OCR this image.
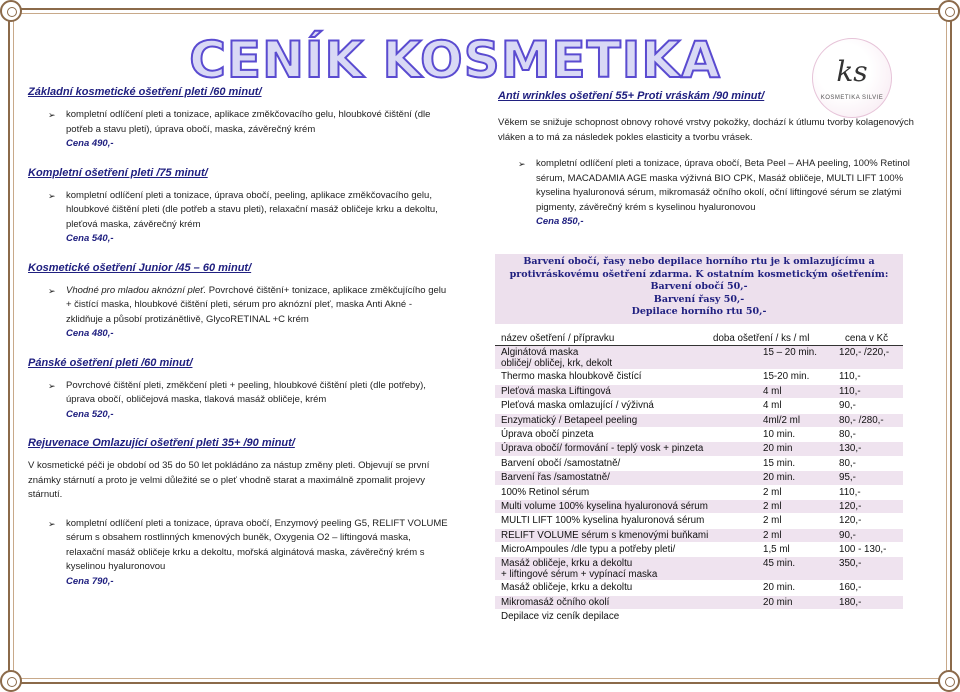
CENÍK KOSMETIKA	ks
KOSMETIKA SILVIE

Základní kosmetické ošetření pleti /60 minut/

➢ kompletní odlíčení pleti a tonizace, aplikace změkčovacího gelu, hloubkové čištění (dle potřeb a stavu pleti), úprava obočí, maska, závěrečný krém
Cena 490,-

Kompletní ošetření pleti /75 minut/

➢ kompletní odlíčení pleti a tonizace, úprava obočí, peeling, aplikace změkčovacího gelu, hloubkové čištění pleti (dle potřeb a stavu pleti), relaxační masáž obličeje krku a dekoltu, pleťová maska, závěrečný krém
Cena 540,-

Kosmetické ošetření Junior /45 – 60 minut/

➢ Vhodné pro mladou aknózní pleť. Povrchové čištění+ tonizace, aplikace změkčujícího gelu + čistící maska, hloubkové čištění pleti, sérum pro aknózní pleť, maska Anti Akné - zklidňuje a působí protizánětlivě, GlycoRETINAL +C krém
Cena 480,-

Pánské ošetření pleti /60 minut/

➢ Povrchové čištění pleti, změkčení pleti + peeling, hloubkové čištění pleti (dle potřeby), úprava obočí, obličejová maska, tlaková masáž obličeje, krém
Cena 520,-

Rejuvenace Omlazující ošetření pleti 35+ /90 minut/

V kosmetické péči je období od 35 do 50 let pokládáno za nástup změny pleti. Objevují se první známky stárnutí a proto je velmi důležité se o pleť vhodně starat a maximálně zpomalit projevy stárnutí.
➢ kompletní odlíčení pleti a tonizace, úprava obočí, Enzymový peeling G5, RELIFT VOLUME sérum s obsahem rostlinných kmenových buněk, Oxygenia O2 – liftingová maska, relaxační masáž obličeje krku a dekoltu, mořská alginátová maska, závěrečný krém s kyselinou hyaluronovou
Cena 790,-

Anti wrinkles ošetření 55+ Proti vráskám /90 minut/

Věkem se snižuje schopnost obnovy rohové vrstvy pokožky, dochází k útlumu tvorby kolagenových vláken a to má za následek pokles elasticity a tvorbu vrásek.
➢ kompletní odlíčení pleti a tonizace, úprava obočí, Beta Peel – AHA peeling, 100% Retinol sérum, MACADAMIA AGE maska výživná BIO CPK, Masáž obličeje, MULTI LIFT 100% kyselina hyaluronová sérum, mikromasáž očního okolí, oční liftingové sérum se zlatými pigmenty, závěrečný krém s kyselinou hyaluronovou
Cena 850,-
Barvení obočí, řasy nebo depilace horního rtu je k omlazujícímu a
protivráskovému ošetření zdarma. K ostatním kosmetickým ošetřením:
Barvení obočí 50,-
Barvení řasy 50,-
Depilace horního rtu 50,-
název ošetření / přípravku	doba ošetření / ks / ml	cena v Kč
Alginátová maska
obličej/ obličej, krk, dekolt
15 – 20 min.	120,- /220,-
Thermo maska hloubkově čistící	15-20 min.	110,-
Pleťová maska Liftingová	4 ml	110,-
Pleťová maska omlazující / výživná	4 ml	90,-
Enzymatický / Betapeel peeling	4ml/2 ml	80,- /280,-
Úprava obočí pinzeta	10 min.	80,-
Úprava obočí/ formování - teplý vosk + pinzeta	20 min	130,-
Barvení obočí /samostatně/	15 min.	80,-
Barvení řas /samostatně/	20 min.	95,-
100% Retinol sérum	2 ml	110,-
Multi volume 100% kyselina hyaluronová sérum	2 ml	120,-
MULTI LIFT 100% kyselina hyaluronová sérum	2 ml	120,-
RELIFT VOLUME sérum s kmenovými buňkami	2 ml	90,-
MicroAmpoules /dle typu a potřeby pleti/	1,5 ml	100 - 130,-
Masáž obličeje, krku a dekoltu
+ liftingové sérum + vypínací maska
45 min.	350,-
Masáž obličeje, krku a dekoltu	20 min.	160,-
Mikromasáž očního okolí	20 min	180,-
Depilace viz ceník depilace
